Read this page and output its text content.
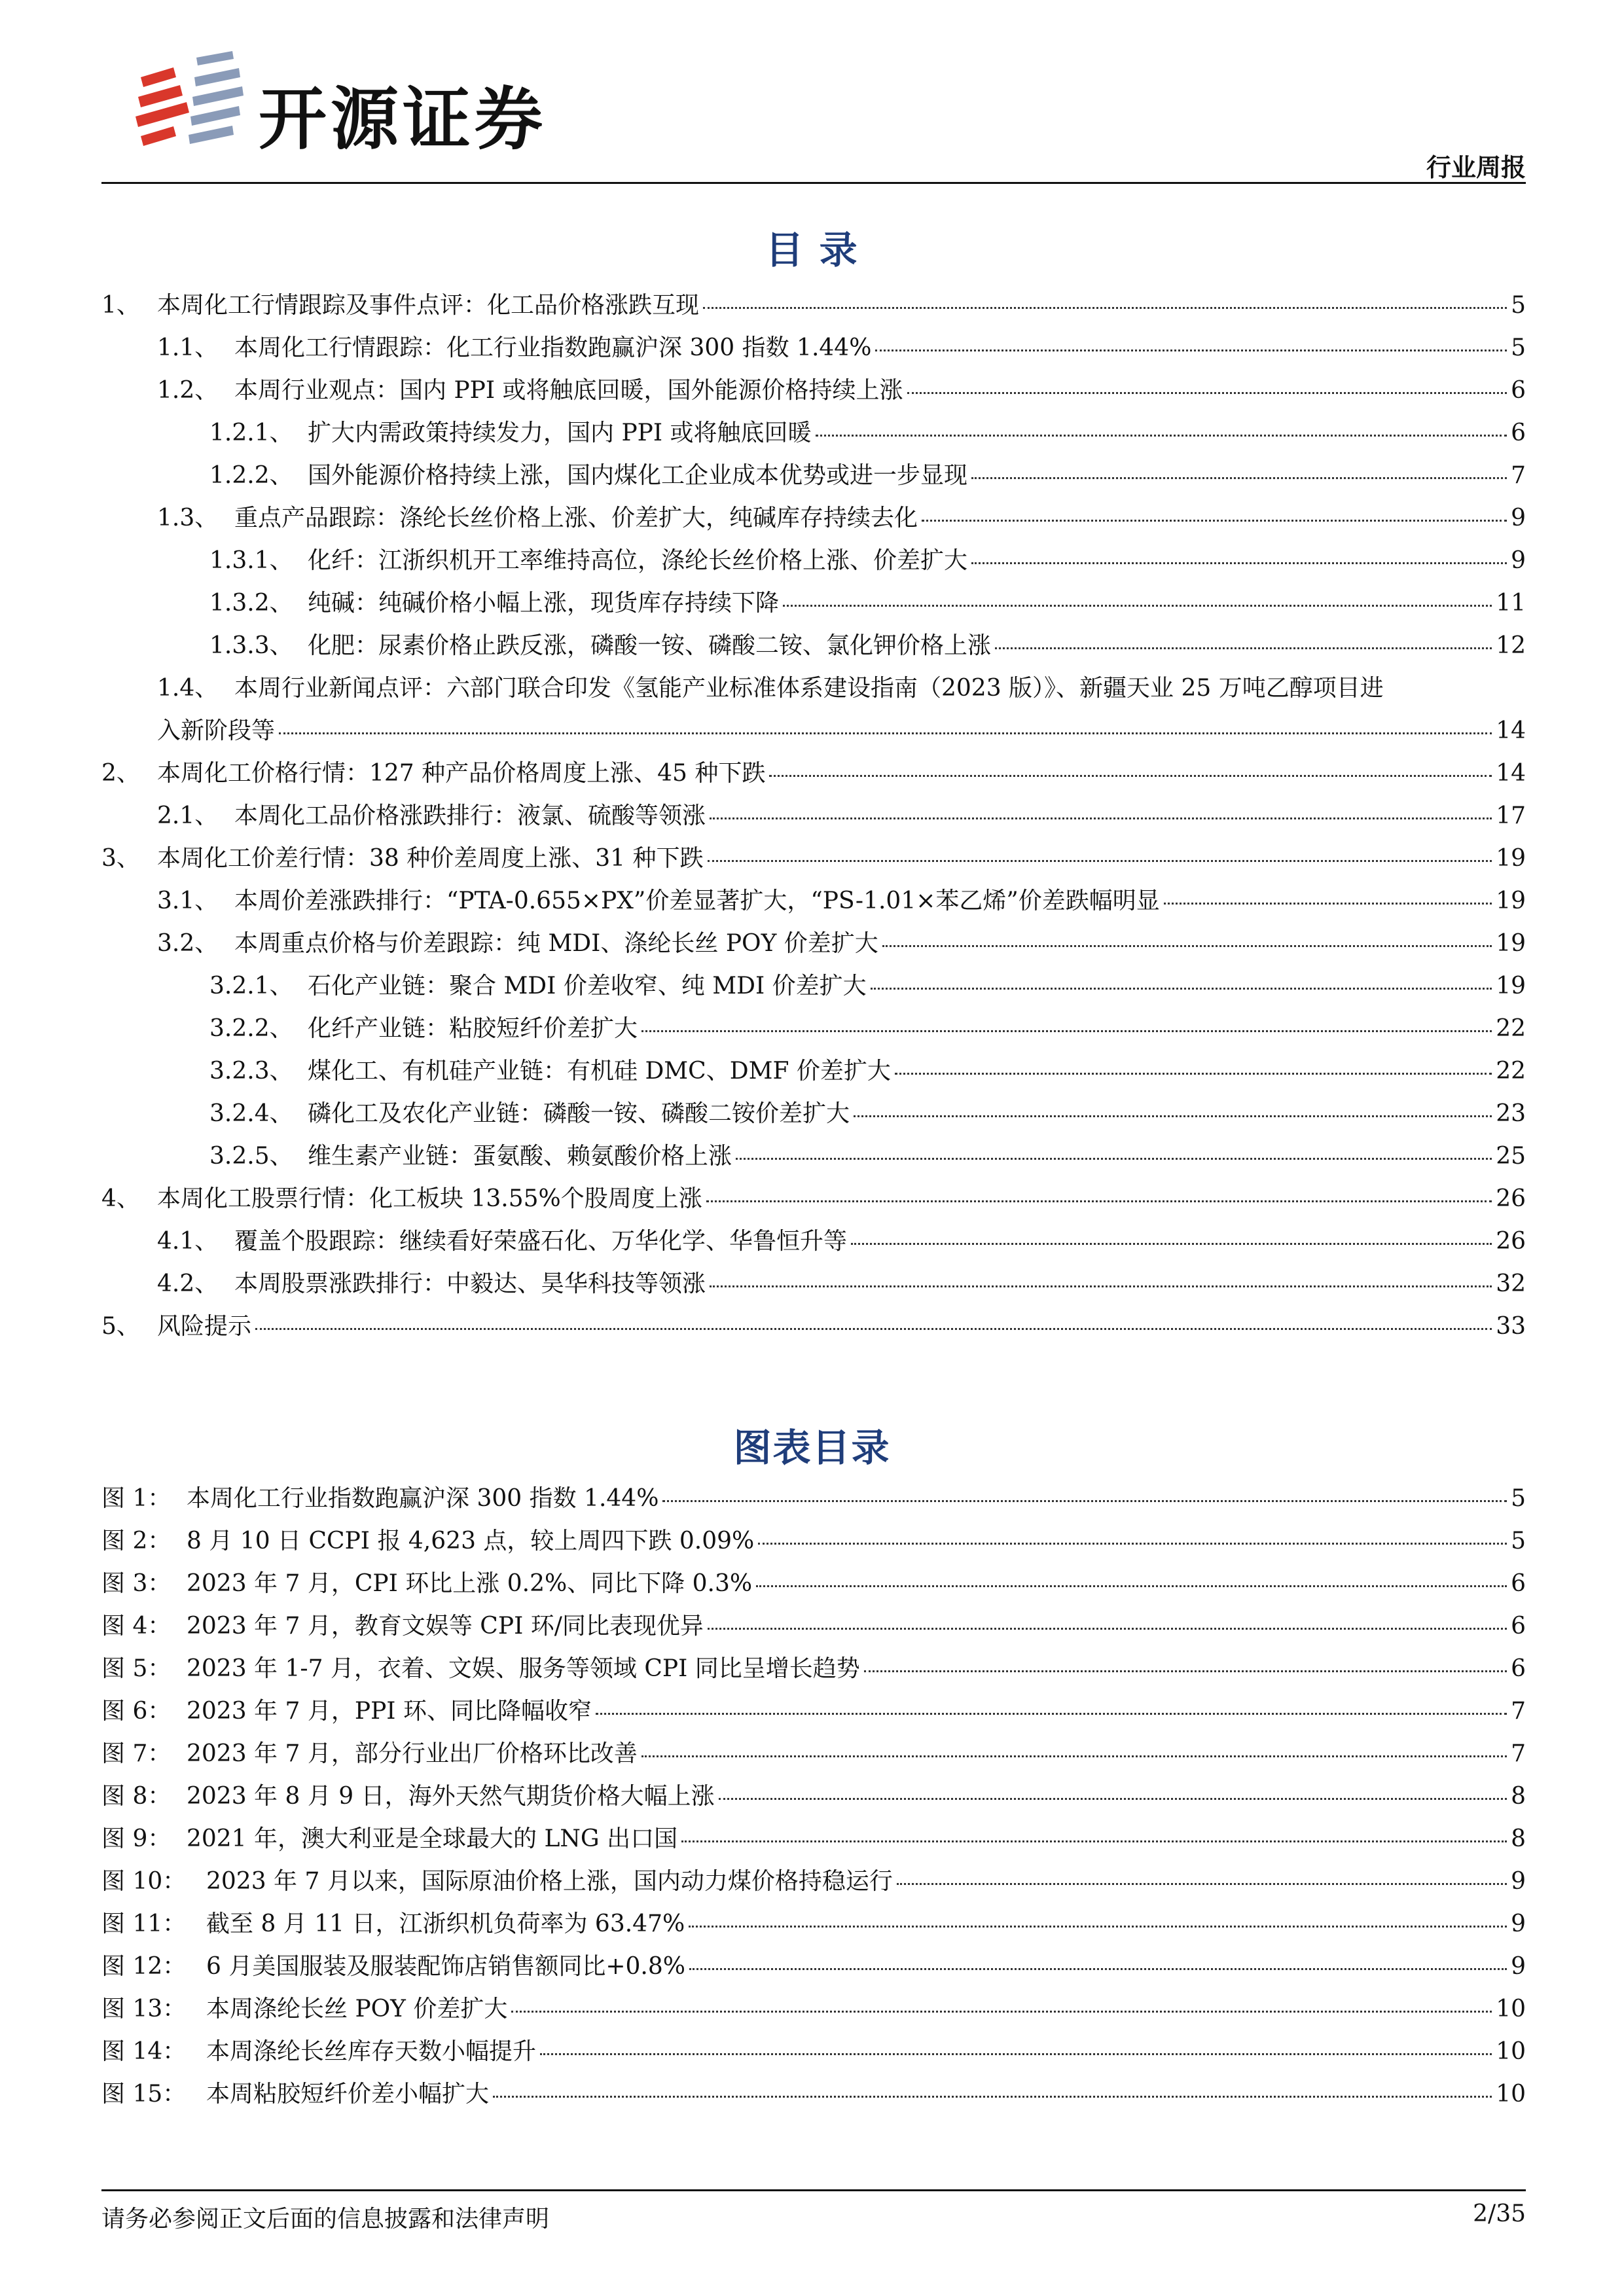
开源证券
行业周报
目 录
1、 本周化工行情跟踪及事件点评：化工品价格涨跌互现	5
1.1、 本周化工行情跟踪：化工行业指数跑赢沪深 300 指数 1.44%	5
1.2、 本周行业观点：国内 PPI 或将触底回暖，国外能源价格持续上涨	6
1.2.1、 扩大内需政策持续发力，国内 PPI 或将触底回暖	6
1.2.2、 国外能源价格持续上涨，国内煤化工企业成本优势或进一步显现	7
1.3、 重点产品跟踪：涤纶长丝价格上涨、价差扩大，纯碱库存持续去化	9
1.3.1、 化纤：江浙织机开工率维持高位，涤纶长丝价格上涨、价差扩大	9
1.3.2、 纯碱：纯碱价格小幅上涨，现货库存持续下降	11
1.3.3、 化肥：尿素价格止跌反涨，磷酸一铵、磷酸二铵、氯化钾价格上涨	12
1.4、 本周行业新闻点评：六部门联合印发《氢能产业标准体系建设指南（2023 版）》、新疆天业 25 万吨乙醇项目进
入新阶段等	14
2、 本周化工价格行情：127 种产品价格周度上涨、45 种下跌	14
2.1、 本周化工品价格涨跌排行：液氯、硫酸等领涨	17
3、 本周化工价差行情：38 种价差周度上涨、31 种下跌	19
3.1、 本周价差涨跌排行：“PTA-0.655×PX”价差显著扩大，“PS-1.01×苯乙烯”价差跌幅明显	19
3.2、 本周重点价格与价差跟踪：纯 MDI、涤纶长丝 POY 价差扩大	19
3.2.1、 石化产业链：聚合 MDI 价差收窄、纯 MDI 价差扩大	19
3.2.2、 化纤产业链：粘胶短纤价差扩大	22
3.2.3、 煤化工、有机硅产业链：有机硅 DMC、DMF 价差扩大	22
3.2.4、 磷化工及农化产业链：磷酸一铵、磷酸二铵价差扩大	23
3.2.5、 维生素产业链：蛋氨酸、赖氨酸价格上涨	25
4、 本周化工股票行情：化工板块 13.55%个股周度上涨	26
4.1、 覆盖个股跟踪：继续看好荣盛石化、万华化学、华鲁恒升等	26
4.2、 本周股票涨跌排行：中毅达、昊华科技等领涨	32
5、 风险提示	33
图表目录
图 1： 本周化工行业指数跑赢沪深 300 指数 1.44%	5
图 2： 8 月 10 日 CCPI 报 4,623 点，较上周四下跌 0.09%	5
图 3： 2023 年 7 月，CPI 环比上涨 0.2%、同比下降 0.3%	6
图 4： 2023 年 7 月，教育文娱等 CPI 环/同比表现优异	6
图 5： 2023 年 1-7 月，衣着、文娱、服务等领域 CPI 同比呈增长趋势	6
图 6： 2023 年 7 月，PPI 环、同比降幅收窄	7
图 7： 2023 年 7 月，部分行业出厂价格环比改善	7
图 8： 2023 年 8 月 9 日，海外天然气期货价格大幅上涨	8
图 9： 2021 年，澳大利亚是全球最大的 LNG 出口国	8
图 10： 2023 年 7 月以来，国际原油价格上涨，国内动力煤价格持稳运行	9
图 11： 截至 8 月 11 日，江浙织机负荷率为 63.47%	9
图 12： 6 月美国服装及服装配饰店销售额同比+0.8%	9
图 13： 本周涤纶长丝 POY 价差扩大	10
图 14： 本周涤纶长丝库存天数小幅提升	10
图 15： 本周粘胶短纤价差小幅扩大	10
请务必参阅正文后面的信息披露和法律声明	2/35
